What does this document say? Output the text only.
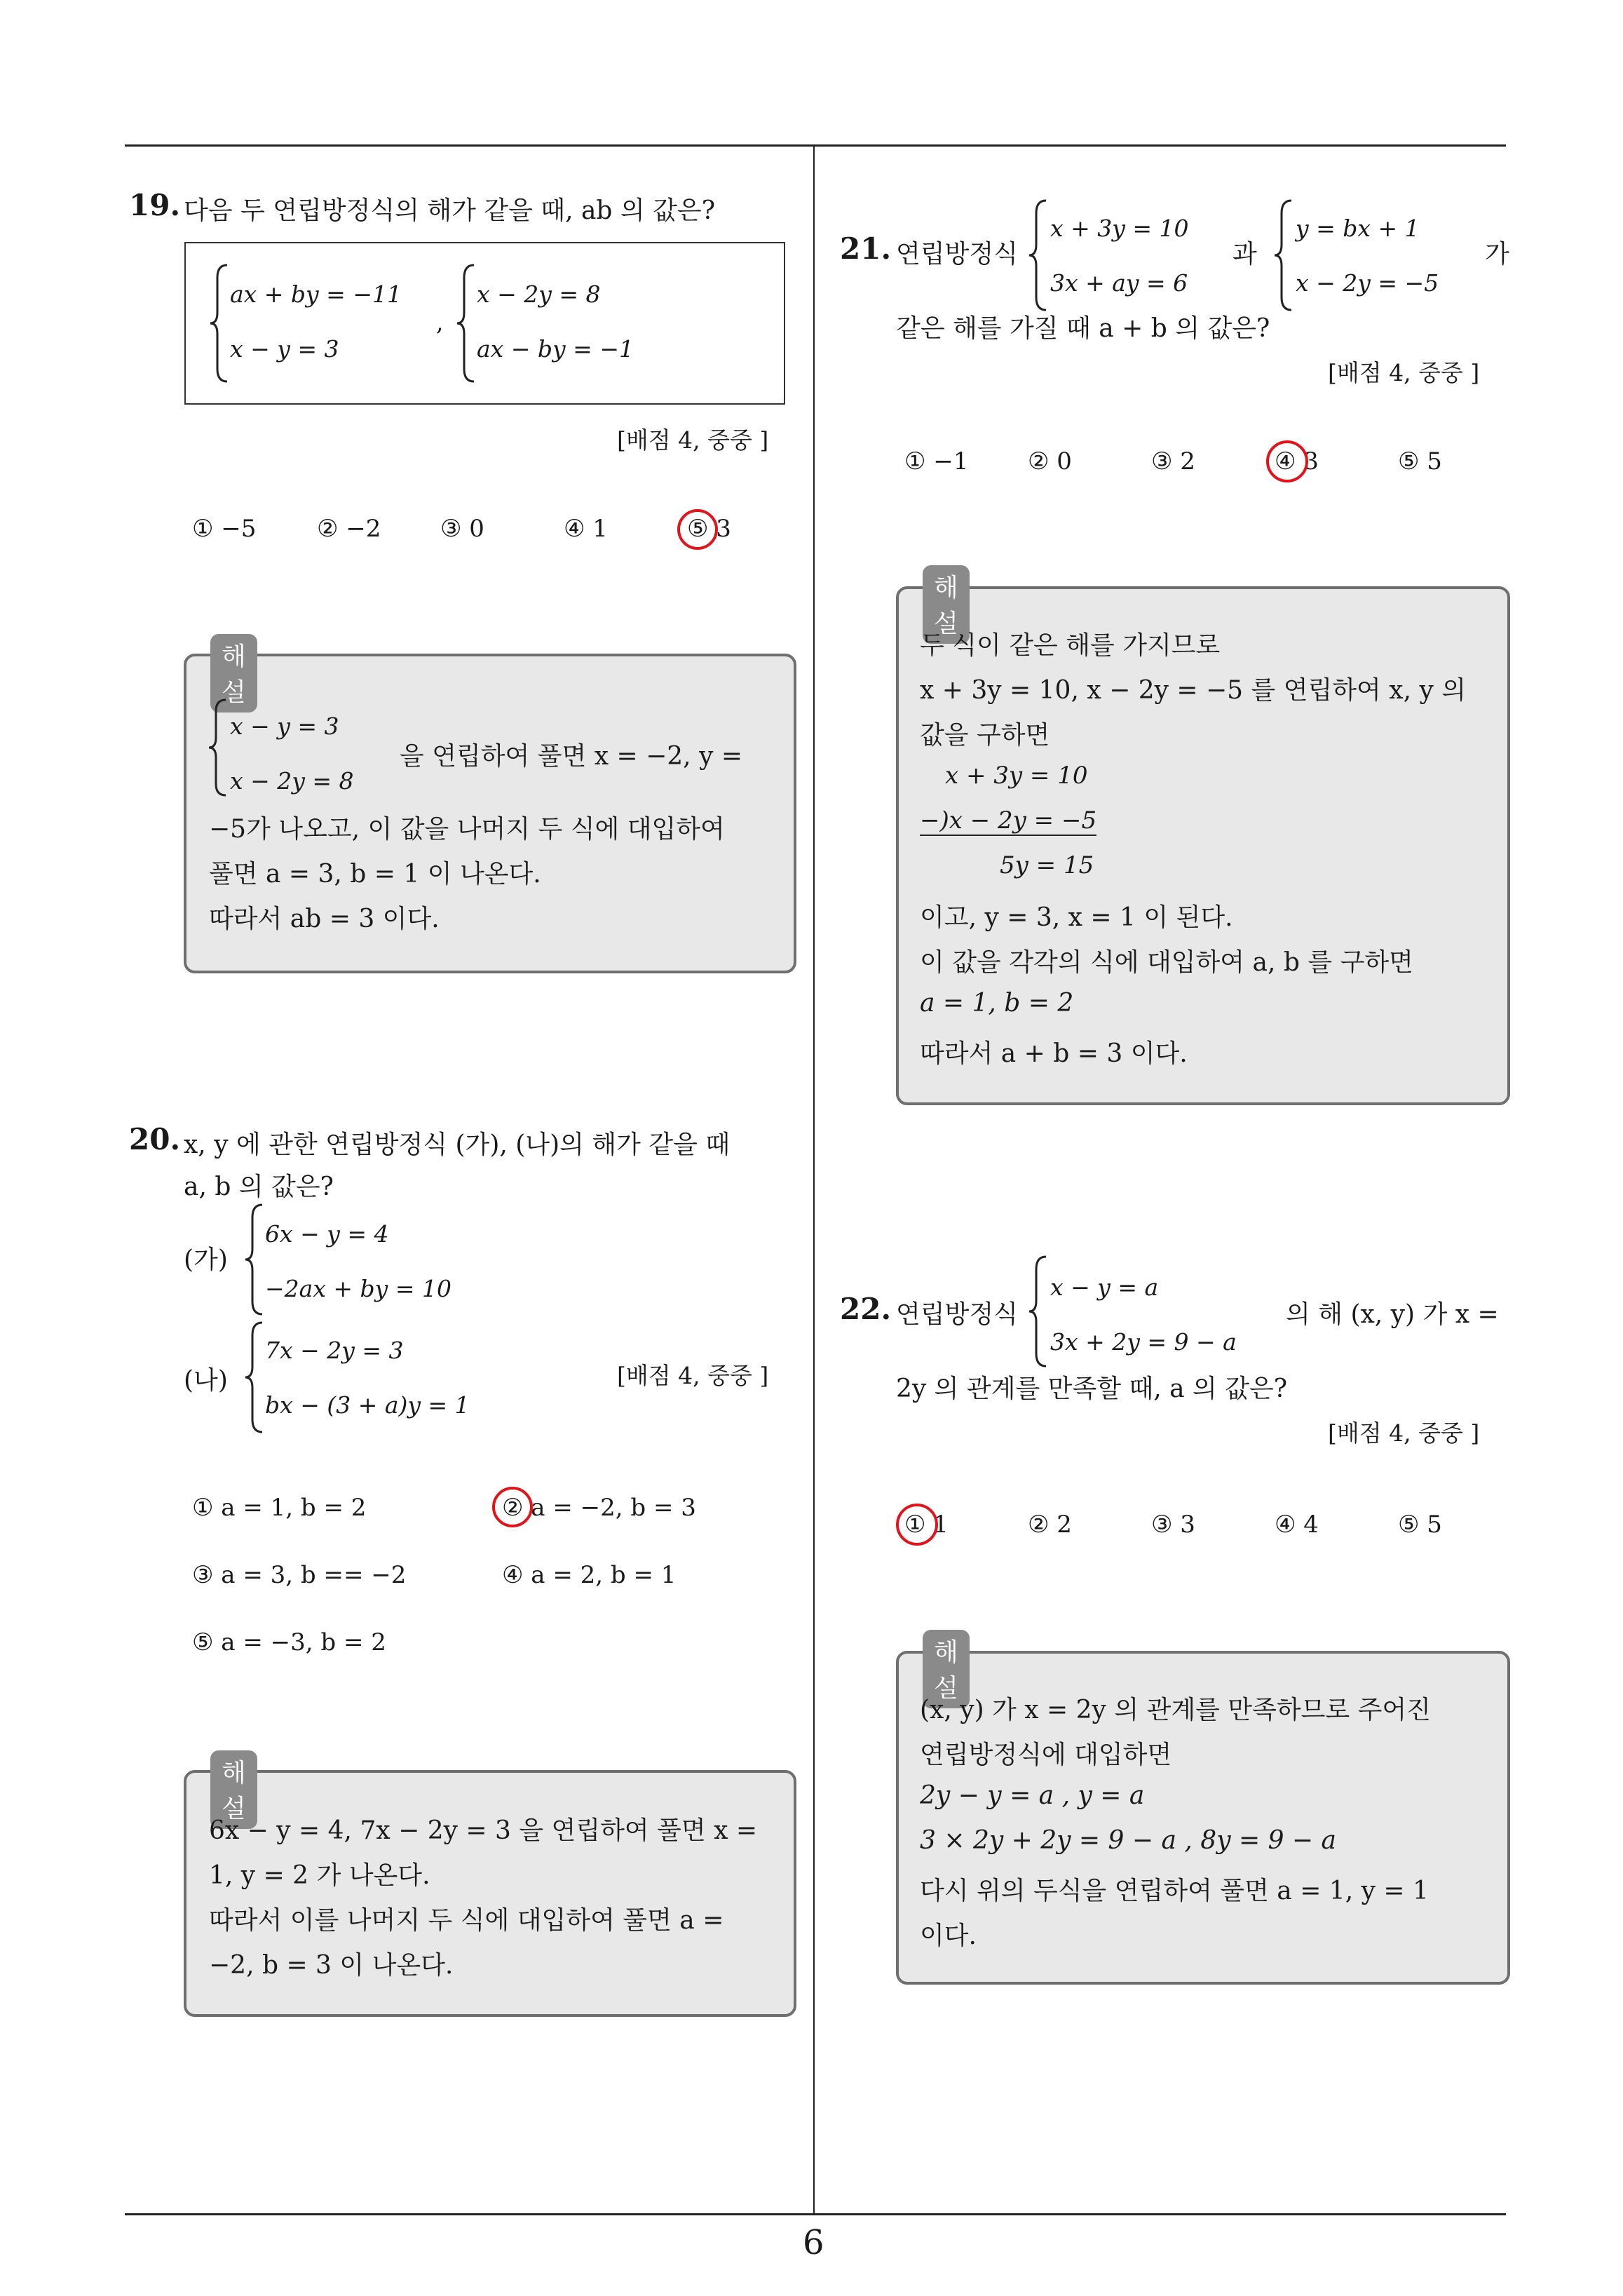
6
19. 다음 두 연립방정식의 해가 같을 때, ab 의 값은?
ax + by = −11
x − y = 3
,
x − 2y = 8
ax − by = −1
[배점 4, 중중 ]
① −5	② −2 ③ 0	④ 1	⑤ 3
해설
x − y = 3
x − 2y = 8
을 연립하여 풀면 x = −2, y =
−5가 나오고, 이 값을 나머지 두 식에 대입하여
풀면 a = 3, b = 1 이 나온다.
따라서 ab = 3 이다.
20. x, y 에 관한 연립방정식 (가), (나)의 해가 같을 때
a, b 의 값은?
(가)
6x − y = 4
−2ax + by = 10
(나)
7x − 2y = 3
bx − (3 + a)y = 1
[배점 4, 중중 ]
① a = 1, b = 2	② a = −2, b = 3
③ a = 3, b == −2	④ a = 2, b = 1
⑤ a = −3, b = 2
해설
6x − y = 4, 7x − 2y = 3 을 연립하여 풀면 x =
1, y = 2 가 나온다.
따라서 이를 나머지 두 식에 대입하여 풀면 a =
−2, b = 3 이 나온다.
21. 연립방정식
x + 3y = 10
3x + ay = 6
과
y = bx + 1
x − 2y = −5
가
같은 해를 가질 때 a + b 의 값은?
[배점 4, 중중 ]
① −1 ② 0	③ 2	④ 3	⑤ 5
해설
두 식이 같은 해를 가지므로
x + 3y = 10, x − 2y = −5 를 연립하여 x, y 의
값을 구하면
x + 3y = 10
−)x − 2y = −5
5y = 15
이고, y = 3, x = 1 이 된다.
이 값을 각각의 식에 대입하여 a, b 를 구하면
a = 1, b = 2
따라서 a + b = 3 이다.
22. 연립방정식
x − y = a
3x + 2y = 9 − a
의 해 (x, y) 가 x =
2y 의 관계를 만족할 때, a 의 값은?
[배점 4, 중중 ]
① 1	② 2	③ 3	④ 4	⑤ 5
해설
(x, y) 가 x = 2y 의 관계를 만족하므로 주어진
연립방정식에 대입하면
2y − y = a , y = a
3 × 2y + 2y = 9 − a , 8y = 9 − a
다시 위의 두식을 연립하여 풀면 a = 1, y = 1
이다.
